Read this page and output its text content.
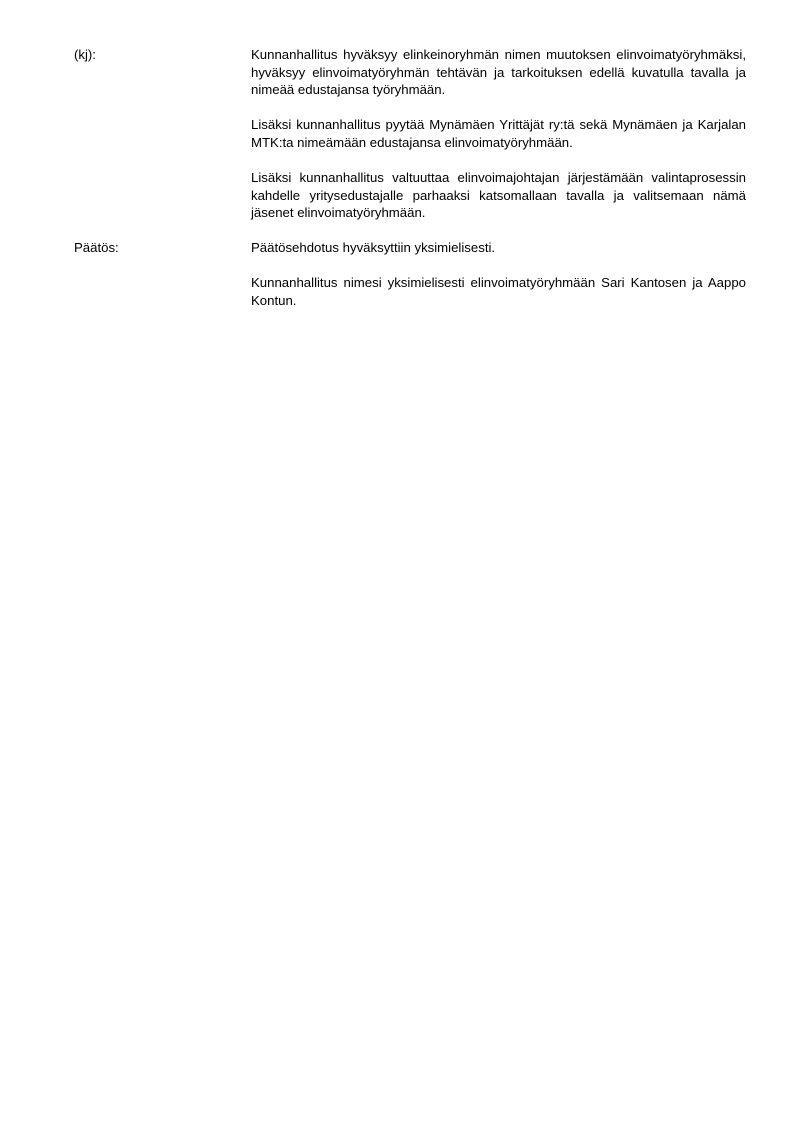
(kj):	Kunnanhallitus hyväksyy elinkeinoryhmän nimen muutoksen elinvoimatyöryhmäksi, hyväksyy elinvoimatyöryhmän tehtävän ja tarkoituksen edellä kuvatulla tavalla ja nimeää edustajansa työryhmään.

Lisäksi kunnanhallitus pyytää Mynämäen Yrittäjät ry:tä sekä Mynämäen ja Karjalan MTK:ta nimeämään edustajansa elinvoimatyöryhmään.

Lisäksi kunnanhallitus valtuuttaa elinvoimajohtajan järjestämään valintaprosessin kahdelle yritysedustajalle parhaaksi katsomallaan tavalla ja valitsemaan nämä jäsenet elinvoimatyöryhmään.

Päätös:	Päätösehdotus hyväksyttiin yksimielisesti.

Kunnanhallitus nimesi yksimielisesti elinvoimatyöryhmään Sari Kantosen ja Aappo Kontun.
